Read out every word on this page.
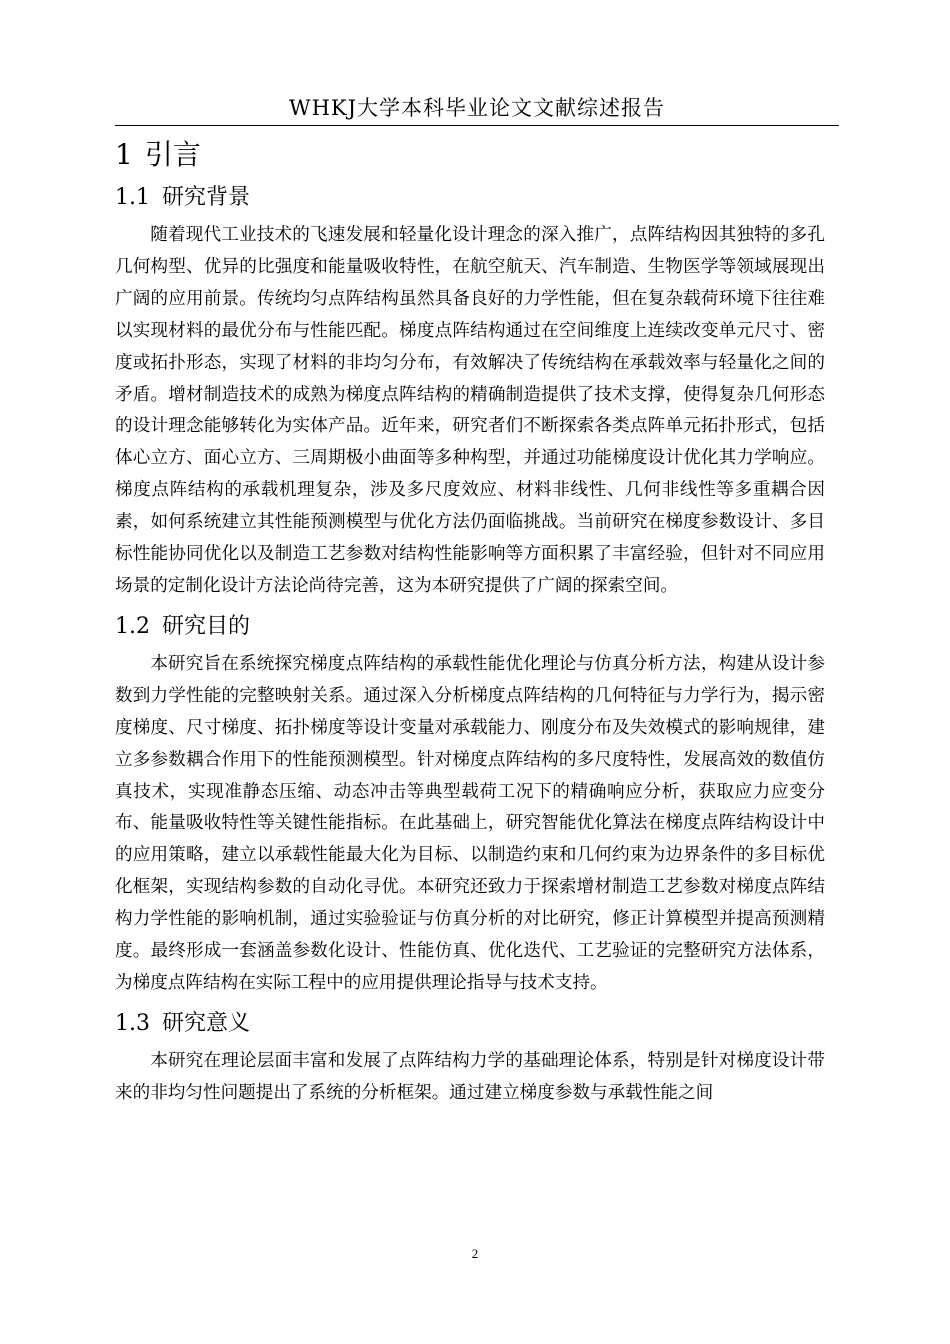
WHKJ大学本科毕业论文文献综述报告
1 引言
1.1 研究背景

随着现代工业技术的飞速发展和轻量化设计理念的深入推广，点阵结构因其独特的多孔几何构型、优异的比强度和能量吸收特性，在航空航天、汽车制造、生物医学等领域展现出广阔的应用前景。传统均匀点阵结构虽然具备良好的力学性能，但在复杂载荷环境下往往难以实现材料的最优分布与性能匹配。梯度点阵结构通过在空间维度上连续改变单元尺寸、密度或拓扑形态，实现了材料的非均匀分布，有效解决了传统结构在承载效率与轻量化之间的矛盾。增材制造技术的成熟为梯度点阵结构的精确制造提供了技术支撑，使得复杂几何形态的设计理念能够转化为实体产品。近年来，研究者们不断探索各类点阵单元拓扑形式，包括体心立方、面心立方、三周期极小曲面等多种构型，并通过功能梯度设计优化其力学响应。梯度点阵结构的承载机理复杂，涉及多尺度效应、材料非线性、几何非线性等多重耦合因素，如何系统建立其性能预测模型与优化方法仍面临挑战。当前研究在梯度参数设计、多目标性能协同优化以及制造工艺参数对结构性能影响等方面积累了丰富经验，但针对不同应用场景的定制化设计方法论尚待完善，这为本研究提供了广阔的探索空间。

1.2 研究目的

本研究旨在系统探究梯度点阵结构的承载性能优化理论与仿真分析方法，构建从设计参数到力学性能的完整映射关系。通过深入分析梯度点阵结构的几何特征与力学行为，揭示密度梯度、尺寸梯度、拓扑梯度等设计变量对承载能力、刚度分布及失效模式的影响规律，建立多参数耦合作用下的性能预测模型。针对梯度点阵结构的多尺度特性，发展高效的数值仿真技术，实现准静态压缩、动态冲击等典型载荷工况下的精确响应分析，获取应力应变分布、能量吸收特性等关键性能指标。在此基础上，研究智能优化算法在梯度点阵结构设计中的应用策略，建立以承载性能最大化为目标、以制造约束和几何约束为边界条件的多目标优化框架，实现结构参数的自动化寻优。本研究还致力于探索增材制造工艺参数对梯度点阵结构力学性能的影响机制，通过实验验证与仿真分析的对比研究，修正计算模型并提高预测精度。最终形成一套涵盖参数化设计、性能仿真、优化迭代、工艺验证的完整研究方法体系，为梯度点阵结构在实际工程中的应用提供理论指导与技术支持。

1.3 研究意义

本研究在理论层面丰富和发展了点阵结构力学的基础理论体系，特别是针对梯度设计带来的非均匀性问题提出了系统的分析框架。通过建立梯度参数与承载性能之间

2
